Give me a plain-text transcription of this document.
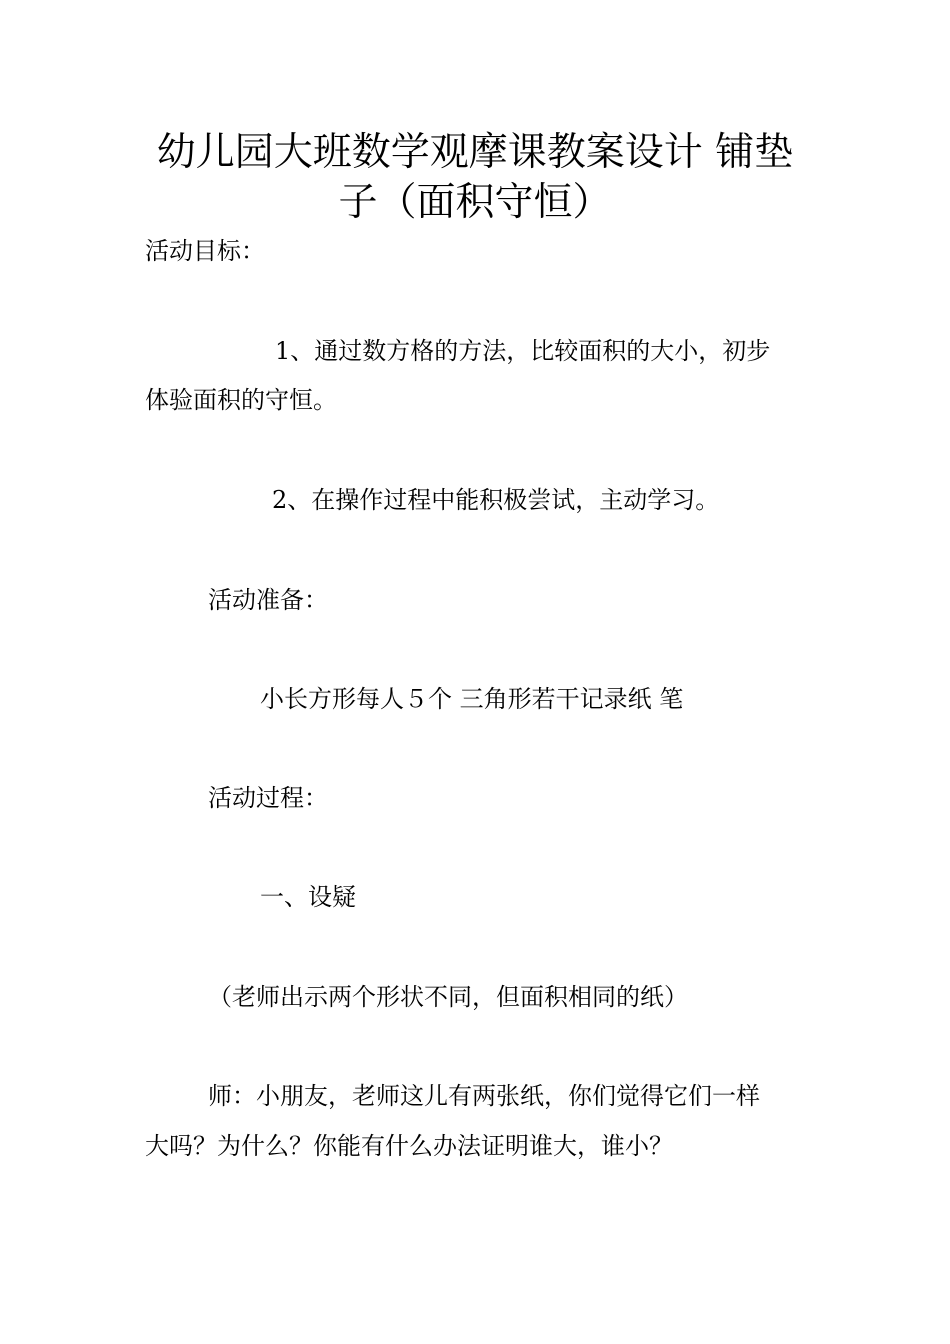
幼儿园大班数学观摩课教案设计 铺垫
子（面积守恒）

活动目标：

1、通过数方格的方法，比较面积的大小，初步

体验面积的守恒。

2、在操作过程中能积极尝试，主动学习。

活动准备：

小长方形每人５个 三角形若干记录纸 笔

活动过程：

一、设疑

（老师出示两个形状不同，但面积相同的纸）

师：小朋友，老师这儿有两张纸，你们觉得它们一样

大吗？为什么？你能有什么办法证明谁大，谁小？
